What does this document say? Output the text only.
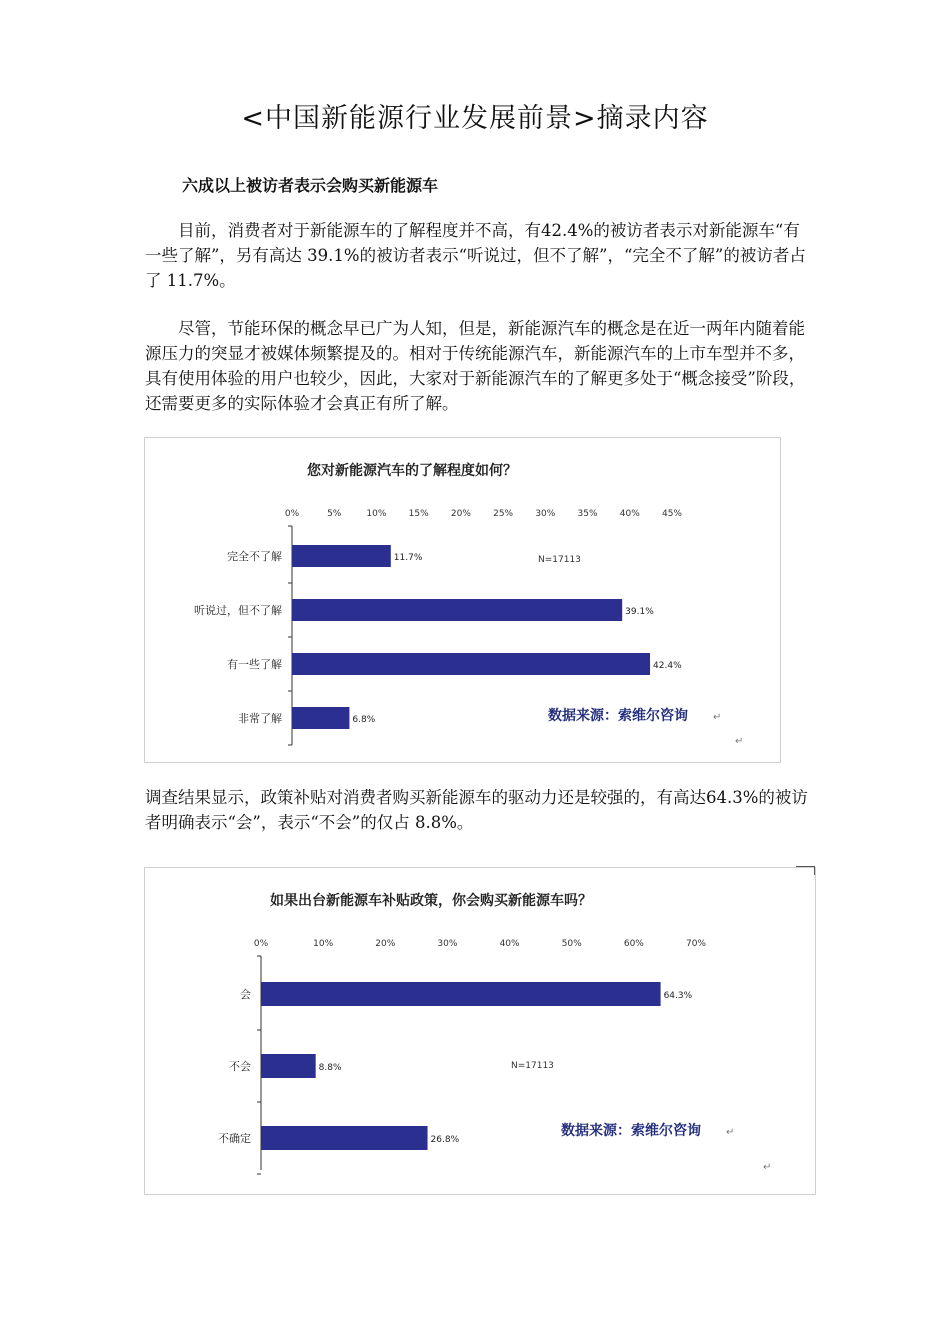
<中国新能源行业发展前景>摘录内容
六成以上被访者表示会购买新能源车

目前，消费者对于新能源车的了解程度并不高，有42.4%的被访者表示对新能源车“有一些了解”，另有高达 39.1%的被访者表示“听说过，但不了解”，“完全不了解”的被访者占了 11.7%。

尽管，节能环保的概念早已广为人知，但是，新能源汽车的概念是在近一两年内随着能源压力的突显才被媒体频繁提及的。相对于传统能源汽车，新能源汽车的上市车型并不多，具有使用体验的用户也较少，因此，大家对于新能源汽车的了解更多处于“概念接受”阶段，还需要更多的实际体验才会真正有所了解。

您对新能源汽车的了解程度如何？
0%	5%	10% 15% 20% 25% 30% 35% 40% 45%
完全不了解	11.7%
听说过，但不了解	39.1%
有一些了解	42.4%
非常了解	6.8%
N=17113
数据来源：索维尔咨询	↵
↵

调查结果显示，政策补贴对消费者购买新能源车的驱动力还是较强的，有高达64.3%的被访者明确表示“会”，表示“不会”的仅占 8.8%。

如果出台新能源车补贴政策，你会购买新能源车吗？
0%	10%	20%	30%	40%	50%	60%	70%
会	64.3%
不会	8.8%
不确定	26.8%
N=17113
数据来源：索维尔咨询	↵
↵
